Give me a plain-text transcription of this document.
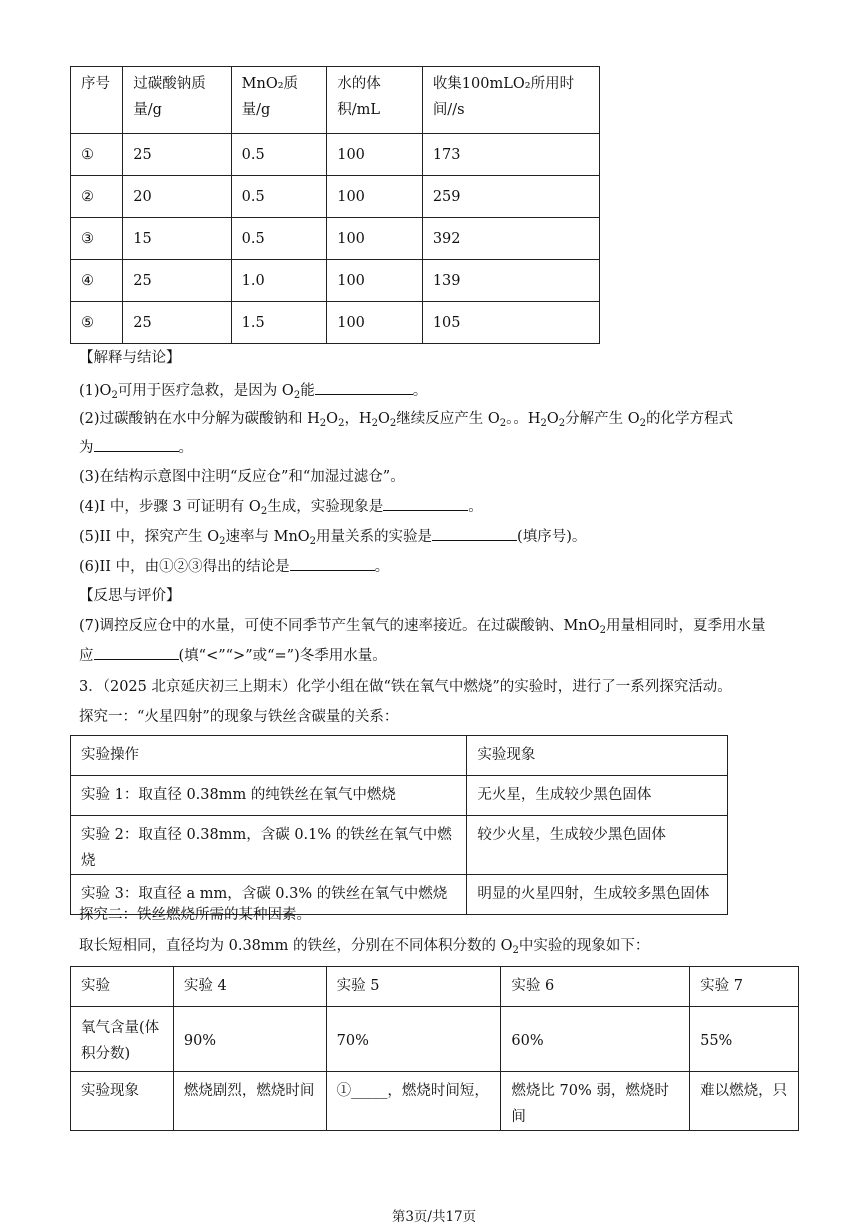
序号	过碳酸钠质量/g	MnO₂质量/g	水的体积/mL	收集100mLO₂所用时间//s
①	25	0.5	100	173
②	20	0.5	100	259
③	15	0.5	100	392
④	25	1.0	100	139
⑤	25	1.5	100	105
【解释与结论】
$(1)O_2$可用于医疗急救，是因为 $O_2$能	。
(2)过碳酸钠在水中分解为碳酸钠和 $H_2O_2$，$H_2O_2$继续反应产生 $O_2$。。$H_2O_2$分解产生 $O_2$的化学方程式
为	。
(3)在结构示意图中注明“反应仓”和“加湿过滤仓”。
(4)I 中，步骤 3 可证明有 $O_2$生成，实验现象是	。
(5)II 中，探究产生 $O_2$速率与 MnO$_2$用量关系的实验是	(填序号)。
(6)II 中，由①②③得出的结论是	。
【反思与评价】
(7)调控反应仓中的水量，可使不同季节产生氧气的速率接近。在过碳酸钠、MnO$_2$用量相同时，夏季用水量
应	(填“<”“>”或“=”)冬季用水量。
3．（2025 北京延庆初三上期末）化学小组在做“铁在氧气中燃烧”的实验时，进行了一系列探究活动。
探究一：“火星四射”的现象与铁丝含碳量的关系：
实验操作	实验现象
实验 1：取直径 0.38mm 的纯铁丝在氧气中燃烧	无火星，生成较少黑色固体
实验 2：取直径 0.38mm，含碳 0.1% 的铁丝在氧气中燃烧	较少火星，生成较少黑色固体
实验 3：取直径 a mm，含碳 0.3% 的铁丝在氧气中燃烧	明显的火星四射，生成较多黑色固体
探究二：铁丝燃烧所需的某种因素。
取长短相同，直径均为 0.38mm 的铁丝，分别在不同体积分数的 $O_2$中实验的现象如下：
实验	实验 4	实验 5	实验 6	实验 7
氧气含量(体积分数)	90%	70%	60%	55%
实验现象	燃烧剧烈，燃烧时间	①_____，燃烧时间短，	燃烧比 70% 弱，燃烧时间	难以燃烧，只
第3页/共17页
